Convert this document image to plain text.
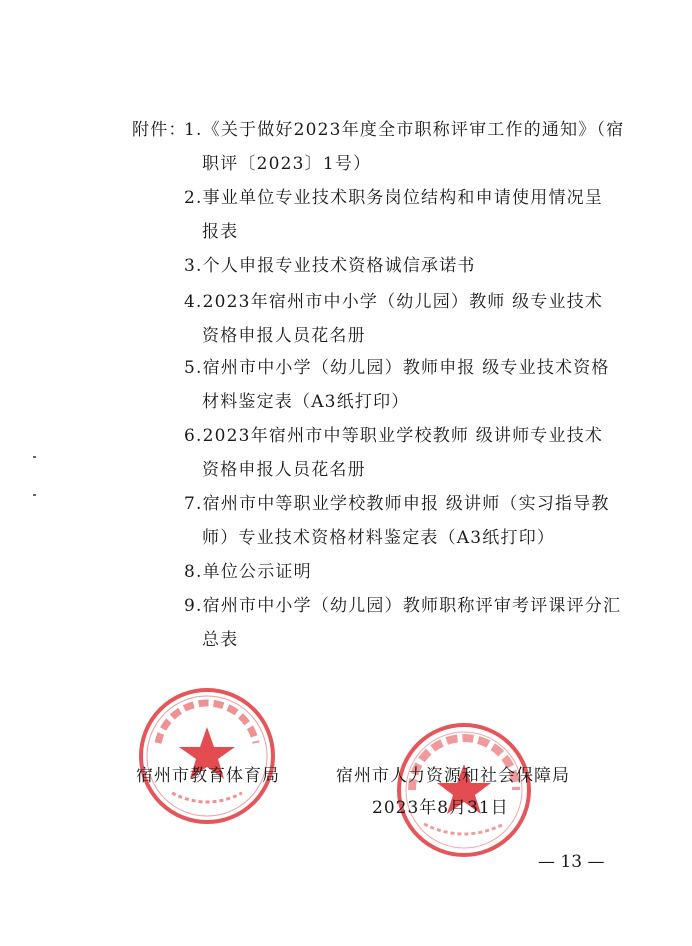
附件：
1.《关于做好2023年度全市职称评审工作的通知》（宿
职评〔2023〕1号）
2.事业单位专业技术职务岗位结构和申请使用情况呈
报表
3.个人申报专业技术资格诚信承诺书
4.2023年宿州市中小学（幼儿园）教师 级专业技术
资格申报人员花名册
5.宿州市中小学（幼儿园）教师申报 级专业技术资格
材料鉴定表（A3纸打印）
6.2023年宿州市中等职业学校教师 级讲师专业技术
资格申报人员花名册
7.宿州市中等职业学校教师申报 级讲师（实习指导教
师）专业技术资格材料鉴定表（A3纸打印）
8.单位公示证明
9.宿州市中小学（幼儿园）教师职称评审考评课评分汇
总表
宿州市教育体育局	宿州市人力资源和社会保障局
2023年8月31日
— 13 —
